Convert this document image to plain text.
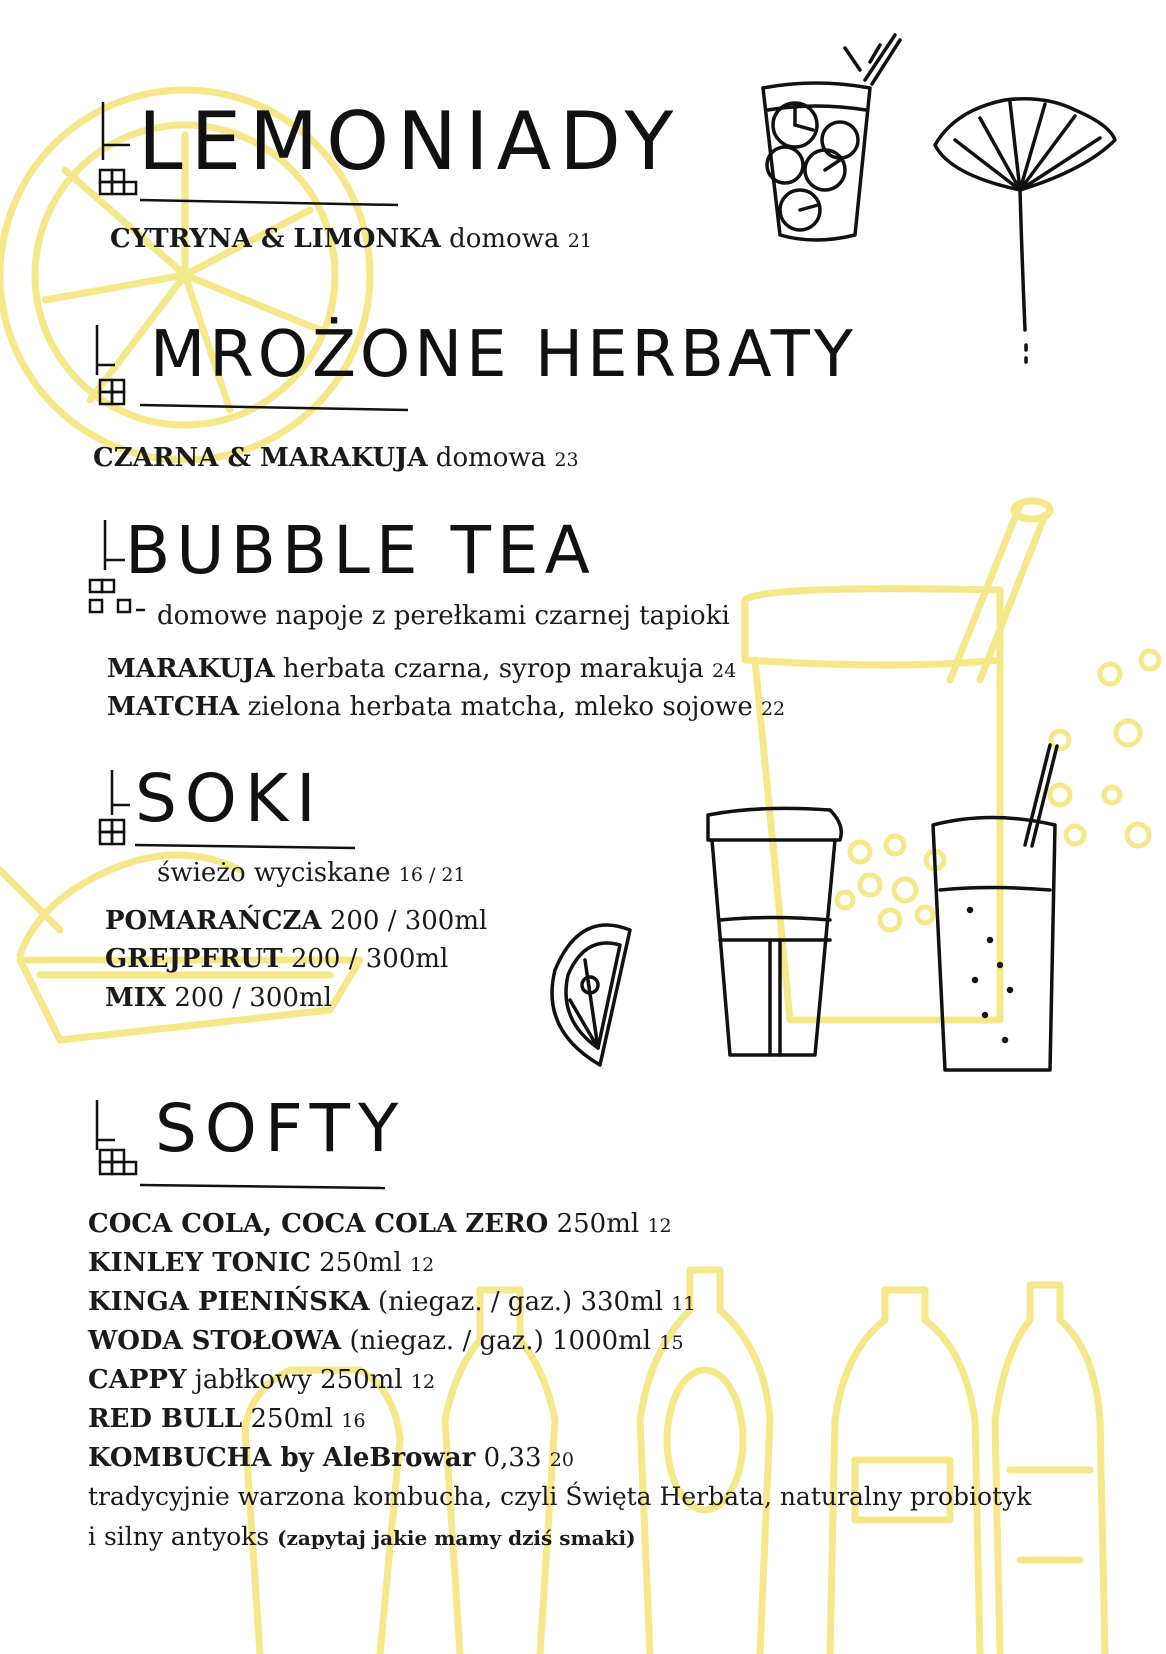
LEMONIADY
CYTRYNA & LIMONKA domowa 21
MROŻONE HERBATY
CZARNA & MARAKUJA domowa 23
BUBBLE TEA
domowe napoje z perełkami czarnej tapioki
MARAKUJA herbata czarna, syrop marakuja 24
MATCHA zielona herbata matcha, mleko sojowe 22
SOKI
świeżo wyciskane 16 / 21
POMARAŃCZA 200 / 300ml
GREJPFRUT 200 / 300ml
MIX 200 / 300ml
SOFTY
COCA COLA, COCA COLA ZERO 250ml 12
KINLEY TONIC 250ml 12
KINGA PIENIŃSKA (niegaz. / gaz.) 330ml 11
WODA STOŁOWA (niegaz. / gaz.) 1000ml 15
CAPPY jabłkowy 250ml 12
RED BULL 250ml 16
KOMBUCHA by AleBrowar 0,33 20
tradycyjnie warzona kombucha, czyli Święta Herbata, naturalny probiotyk
i silny antyoks (zapytaj jakie mamy dziś smaki)
